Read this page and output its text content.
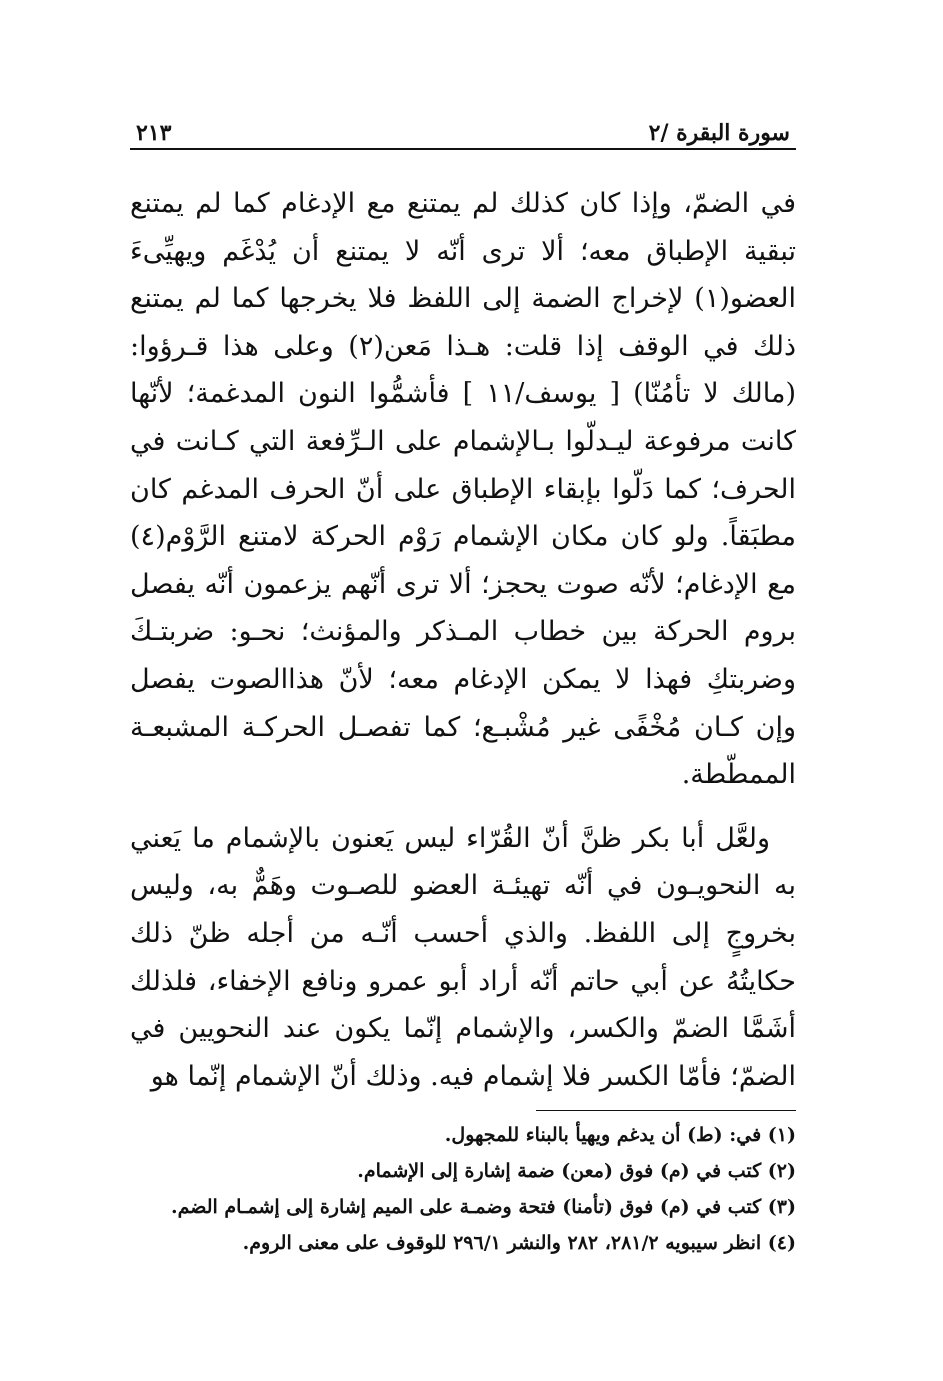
سورة البقرة /٢
٢١٣

في الضمّ، وإذا كان كذلك لم يمتنع مع الإدغام كما لم يمتنع تبقية الإطباق معه؛ ألا ترى أنّه لا يمتنع أن يُدْغَم ويهيِّىءَ العضو(١) لإخراج الضمة إلى اللفظ فلا يخرجها كما لم يمتنع ذلك في الوقف إذا قلت: هـذا مَعن(٢) وعلى هذا قـرؤوا: (مالك لا تأمُنّا) [ يوسف/١١ ] فأشمُّوا النون المدغمة؛ لأنّها كانت مرفوعة ليـدلّوا بـالإشمام على الـرِّفعة التي كـانت في الحرف؛ كما دَلّوا بإبقاء الإطباق على أنّ الحرف المدغم كان مطبَقاً. ولو كان مكان الإشمام رَوْم الحركة لامتنع الرَّوْم(٤) مع الإدغام؛ لأنّه صوت يحجز؛ ألا ترى أنّهم يزعمون أنّه يفصل بروم الحركة بين خطاب المـذكر والمؤنث؛ نحـو: ضربتـكَ وضربتكِ فهذا لا يمكن الإدغام معه؛ لأنّ هذاالصوت يفصل وإن كـان مُخْفًى غير مُشْبـع؛ كما تفصـل الحركـة المشبعـة الممطّطة.

ولعَّل أبا بكر ظنَّ أنّ القُرّاء ليس يَعنون بالإشمام ما يَعني به النحويـون في أنّه تهيئـة العضو للصـوت وهَمٌّ به، وليس بخروجٍ إلى اللفظ. والذي أحسب أنّـه من أجله ظنّ ذلك حكايتُهُ عن أبي حاتم أنّه أراد أبو عمرو ونافع الإخفاء، فلذلك أشَمَّا الضمّ والكسر، والإشمام إنّما يكون عند النحويين في الضمّ؛ فأمّا الكسر فلا إشمام فيه. وذلك أنّ الإشمام إنّما هو

(١) في: (ط) أن يدغم ويهيأ بالبناء للمجهول.

(٢) كتب في (م) فوق (معن) ضمة إشارة إلى الإشمام.

(٣) كتب في (م) فوق (تأمنا) فتحة وضمـة على الميم إشارة إلى إشمـام الضم.

(٤) انظر سيبويه ٢٨١/٢، ٢٨٢ والنشر ٢٩٦/١ للوقوف على معنى الروم.
